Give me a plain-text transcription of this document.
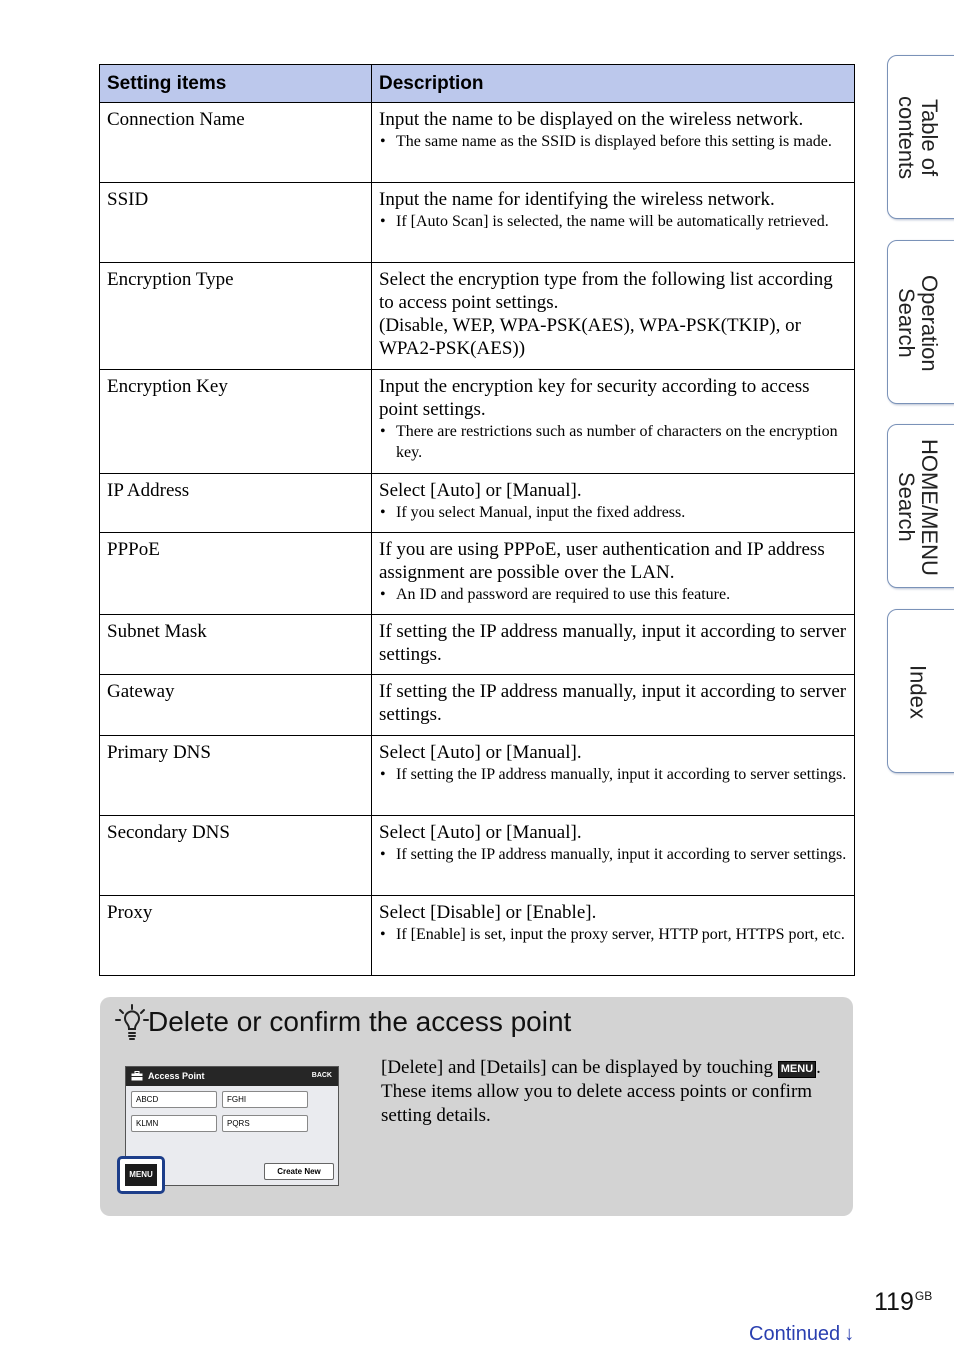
Setting items	Description
Connection Name	Input the name to be displayed on the wireless network.
• The same name as the SSID is displayed before this setting is made.

SSID	Input the name for identifying the wireless network.
• If [Auto Scan] is selected, the name will be automatically retrieved.

Encryption Type	Select the encryption type from the following list according to access point settings.
(Disable, WEP, WPA-PSK(AES), WPA-PSK(TKIP), or WPA2-PSK(AES))

Encryption Key	Input the encryption key for security according to access point settings.
• There are restrictions such as number of characters on the encryption key.

IP Address	Select [Auto] or [Manual].
• If you select Manual, input the fixed address.

PPPoE	If you are using PPPoE, user authentication and IP address assignment are possible over the LAN.
• An ID and password are required to use this feature.

Subnet Mask	If setting the IP address manually, input it according to server settings.

Gateway	If setting the IP address manually, input it according to server settings.

Primary DNS	Select [Auto] or [Manual].
• If setting the IP address manually, input it according to server settings.

Secondary DNS	Select [Auto] or [Manual].
• If setting the IP address manually, input it according to server settings.

Proxy	Select [Disable] or [Enable].
• If [Enable] is set, input the proxy server, HTTP port, HTTPS port, etc.
Table of contents
Operation Search
HOME/MENU Search
Index
Delete or confirm the access point
Access Point	BACK
ABCD	FGHI
KLMN	PQRS
Create New
MENU
[Delete] and [Details] can be displayed by touching MENU . These items allow you to delete access points or confirm setting details.
$119^{GB}$
Continued ↓
